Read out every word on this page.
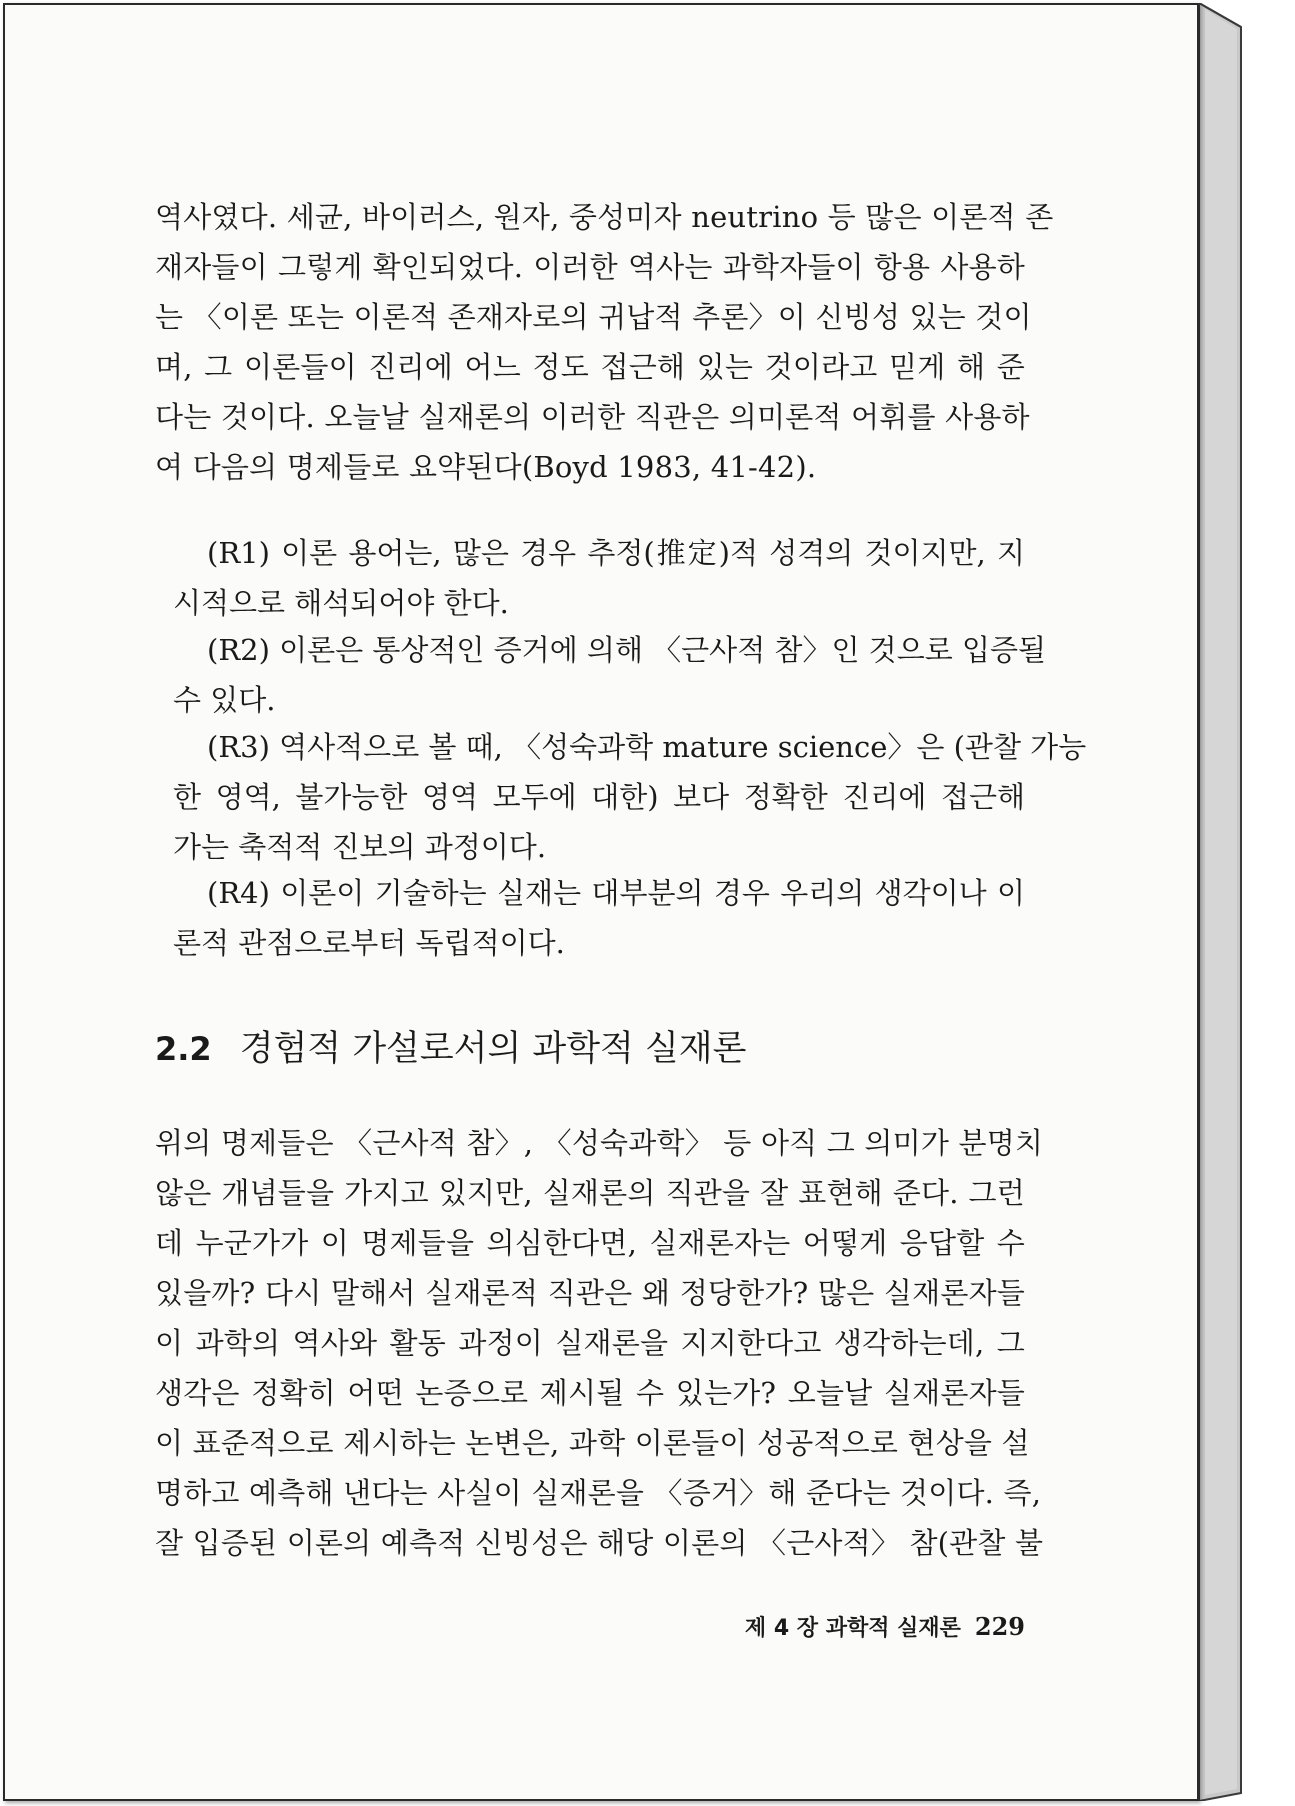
역사였다. 세균, 바이러스, 원자, 중성미자 neutrino 등 많은 이론적 존
재자들이 그렇게 확인되었다. 이러한 역사는 과학자들이 항용 사용하
는 〈이론 또는 이론적 존재자로의 귀납적 추론〉이 신빙성 있는 것이
며, 그 이론들이 진리에 어느 정도 접근해 있는 것이라고 믿게 해 준
다는 것이다. 오늘날 실재론의 이러한 직관은 의미론적 어휘를 사용하
여 다음의 명제들로 요약된다(Boyd 1983, 41-42).
(R1) 이론 용어는, 많은 경우 추정(推定)적 성격의 것이지만, 지
시적으로 해석되어야 한다.
(R2) 이론은 통상적인 증거에 의해 〈근사적 참〉인 것으로 입증될
수 있다.
(R3) 역사적으로 볼 때, 〈성숙과학 mature science〉은 (관찰 가능
한 영역, 불가능한 영역 모두에 대한) 보다 정확한 진리에 접근해
가는 축적적 진보의 과정이다.
(R4) 이론이 기술하는 실재는 대부분의 경우 우리의 생각이나 이
론적 관점으로부터 독립적이다.
2.2 경험적 가설로서의 과학적 실재론
위의 명제들은 〈근사적 참〉, 〈성숙과학〉 등 아직 그 의미가 분명치
않은 개념들을 가지고 있지만, 실재론의 직관을 잘 표현해 준다. 그런
데 누군가가 이 명제들을 의심한다면, 실재론자는 어떻게 응답할 수
있을까? 다시 말해서 실재론적 직관은 왜 정당한가? 많은 실재론자들
이 과학의 역사와 활동 과정이 실재론을 지지한다고 생각하는데, 그
생각은 정확히 어떤 논증으로 제시될 수 있는가? 오늘날 실재론자들
이 표준적으로 제시하는 논변은, 과학 이론들이 성공적으로 현상을 설
명하고 예측해 낸다는 사실이 실재론을 〈증거〉해 준다는 것이다. 즉,
잘 입증된 이론의 예측적 신빙성은 해당 이론의 〈근사적〉 참(관찰 불
제 4 장 과학적 실재론 229
